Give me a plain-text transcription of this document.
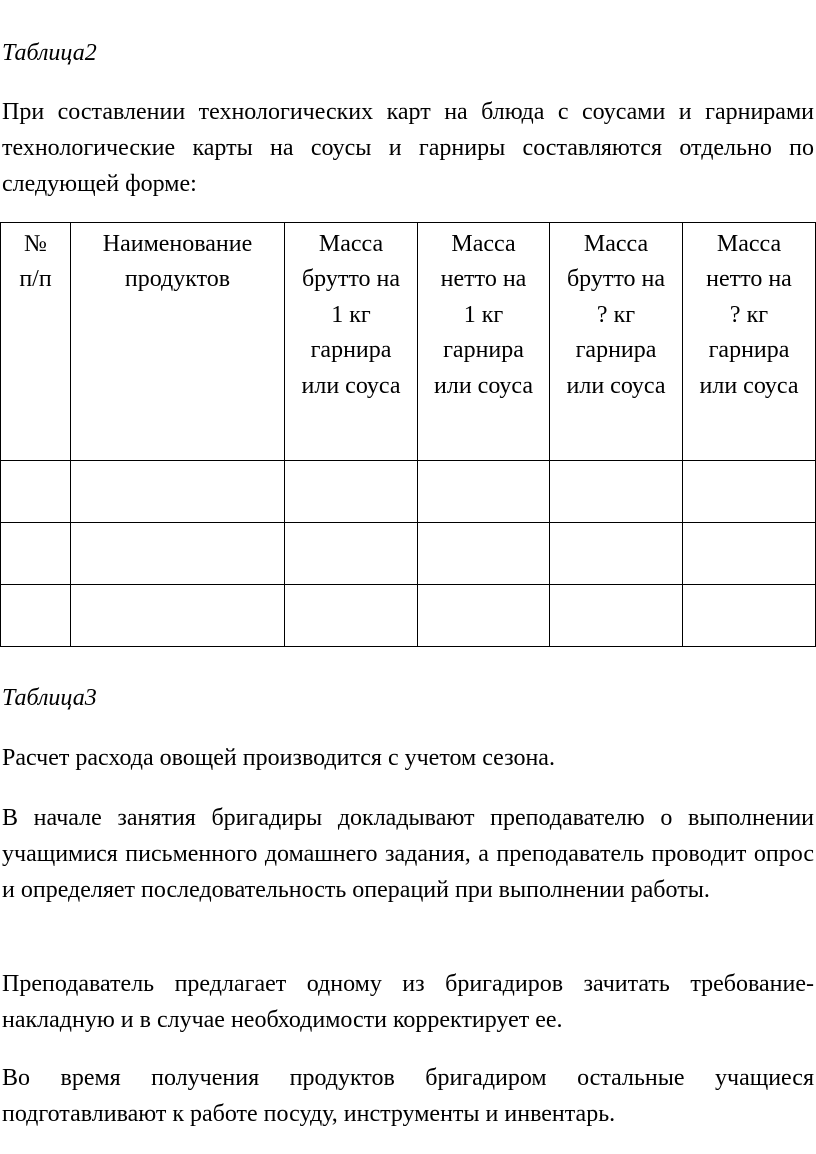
Таблица2

При составлении технологических карт на блюда с соусами и гарнирами технологические карты на соусы и гарниры составляются отдельно по следующей форме:

№ п/п	Наименование продуктов	Масса брутто на 1 кг гарнира или соуса	Масса нетто на 1 кг гарнира или соуса	Масса брутто на ? кг гарнира или соуса	Масса нетто на ? кг гарнира или соуса

Таблица3

Расчет расхода овощей производится с учетом сезона.

В начале занятия бригадиры докладывают преподавателю о выполнении учащимися письменного домашнего задания, а преподаватель проводит опрос и определяет последовательность операций при выполнении работы.

Преподаватель предлагает одному из бригадиров зачитать требование-накладную и в случае необходимости корректирует ее.

Во время получения продуктов бригадиром остальные учащиеся подготавливают к работе посуду, инструменты и инвентарь.
